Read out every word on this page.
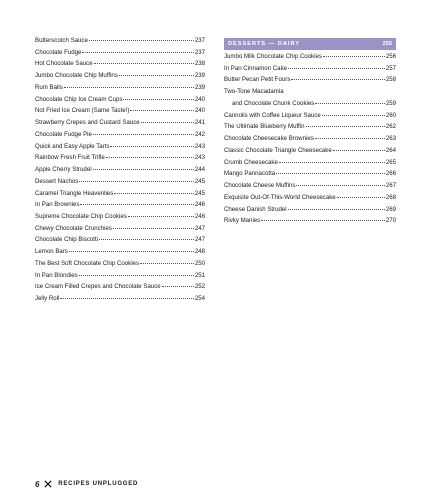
Butterscotch Sauce	237
Chocolate Fudge	237
Hot Chocolate Sauce	238
Jumbo Chocolate Chip Muffins	239
Rum Balls	239
Chocolate Chip Ice Cream Cups	240
Not Fried Ice Cream (Same Taste!)	240
Strawberry Crepes and Custard Sauce	241
Chocolate Fudge Pie	242
Quick and Easy Apple Tarts	243
Rainbow Fresh Fruit Trifle	243
Apple Cherry Strudel	244
Dessert Nachos	245
Caramel Triangle Heavenlies	245
In Pan Brownies	246
Supreme Chocolate Chip Cookies	246
Chewy Chocolate Crunchies	247
Chocolate Chip Biscotti	247
Lemon Bars	248
The Best Soft Chocolate Chip Cookies	250
In Pan Blondies	251
Ice Cream Filled Crepes and Chocolate Sauce	252
Jelly Roll	254
DESSERTS — DAIRY	255
Jumbo Milk Chocolate Chip Cookies	256
In Pan Cinnamon Cake	257
Butter Pecan Petit Fours	258
Two-Tone Macadamia
and Chocolate Chunk Cookies	259
Cannolis with Coffee Liqueur Sauce	260
The Ultimate Blueberry Muffin	262
Chocolate Cheesecake Brownies	263
Classic Chocolate Triangle Cheesecake	264
Crumb Cheesecake	265
Mango Pannacotta	266
Chocolate Cheese Muffins	267
Exquisite Out-Of-This-World Cheesecake	268
Cheese Danish Strudel	269
Rivky Manies	270
6	RECIPES UNPLUGGED
